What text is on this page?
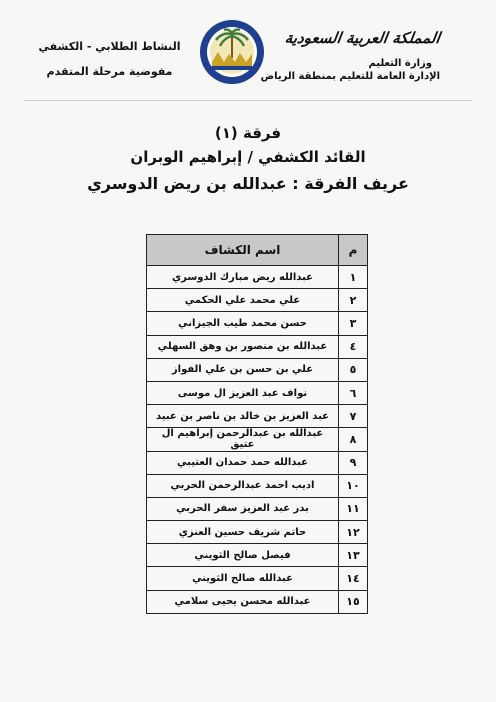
المملكة العربية السعودية
وزارة التعليم
الإدارة العامة للتعليم بمنطقة الرياض
النشاط الطلابي - الكشفي
مفوضية مرحلة المتقدم
فرقة (١)
القائد الكشفي / إبراهيم الوبران
عريف الفرقة : عبدالله بن ريض الدوسري
م	اسم الكشاف
١	عبدالله ريض مبارك الدوسري
٢	علي محمد علي الحكمي
٣	حسن محمد طيب الجيزاني
٤	عبدالله بن منصور بن وهق السهلي
٥	علي بن حسن بن علي الفواز
٦	نواف عبد العزيز ال موسى
٧	عبد العزيز بن خالد بن ناصر بن عبيد
٨	عبدالله بن عبدالرحمن إبراهيم ال عتيق
٩	عبدالله حمد حمدان العتيبي
١٠	اديب احمد عبدالرحمن الحربي
١١	بدر عبد العزيز سفر الحربي
١٢	حاتم شريف حسين العنزي
١٣	فيصل صالح الثويني
١٤	عبدالله صالح الثويني
١٥	عبدالله محسن يحيى سلامي
